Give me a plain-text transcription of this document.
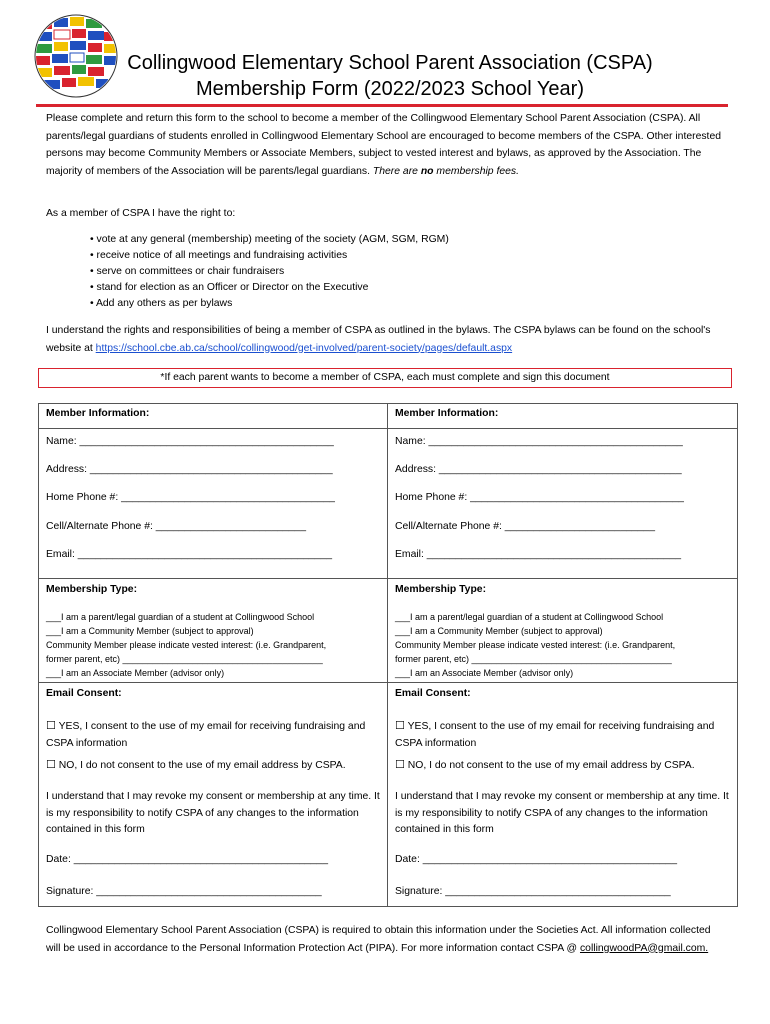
Collingwood Elementary School Parent Association (CSPA)
Membership Form (2022/2023 School Year)
Please complete and return this form to the school to become a member of the Collingwood Elementary School Parent Association (CSPA). All parents/legal guardians of students enrolled in Collingwood Elementary School are encouraged to become members of the CSPA. Other interested persons may become Community Members or Associate Members, subject to vested interest and bylaws, as approved by the Association. The majority of members of the Association will be parents/legal guardians. There are no membership fees.
As a member of CSPA I have the right to:
• vote at any general (membership) meeting of the society (AGM, SGM, RGM)
• receive notice of all meetings and fundraising activities
• serve on committees or chair fundraisers
• stand for election as an Officer or Director on the Executive
• Add any others as per bylaws
I understand the rights and responsibilities of being a member of CSPA as outlined in the bylaws. The CSPA bylaws can be found on the school's website at https://school.cbe.ab.ca/school/collingwood/get-involved/parent-society/pages/default.aspx
*If each parent wants to become a member of CSPA, each must complete and sign this document
Member Information:
Name: ____________________________________________
Address: __________________________________________
Home Phone #: _____________________________________
Cell/Alternate Phone #: __________________________
Email: ____________________________________________
Membership Type:
___I am a parent/legal guardian of a student at Collingwood School
___I am a Community Member (subject to approval)
Community Member please indicate vested interest: (i.e. Grandparent,
former parent, etc) ________________________________________
___I am an Associate Member (advisor only)
Email Consent:
☐ YES, I consent to the use of my email for receiving fundraising and CSPA information
☐ NO, I do not consent to the use of my email address by CSPA.
I understand that I may revoke my consent or membership at any time. It is my responsibility to notify CSPA of any changes to the information contained in this form
Date: ____________________________________________
Signature: _______________________________________
Member Information:
Name: ____________________________________________
Address: __________________________________________
Home Phone #: _____________________________________
Cell/Alternate Phone #: __________________________
Email: ____________________________________________
Membership Type:
___I am a parent/legal guardian of a student at Collingwood School
___I am a Community Member (subject to approval)
Community Member please indicate vested interest: (i.e. Grandparent,
former parent, etc) ________________________________________
___I am an Associate Member (advisor only)
Email Consent:
☐ YES, I consent to the use of my email for receiving fundraising and CSPA information
☐ NO, I do not consent to the use of my email address by CSPA.
I understand that I may revoke my consent or membership at any time. It is my responsibility to notify CSPA of any changes to the information contained in this form
Date: ____________________________________________
Signature: _______________________________________
Collingwood Elementary School Parent Association (CSPA) is required to obtain this information under the Societies Act. All information collected will be used in accordance to the Personal Information Protection Act (PIPA). For more information contact CSPA @ collingwoodPA@gmail.com.
